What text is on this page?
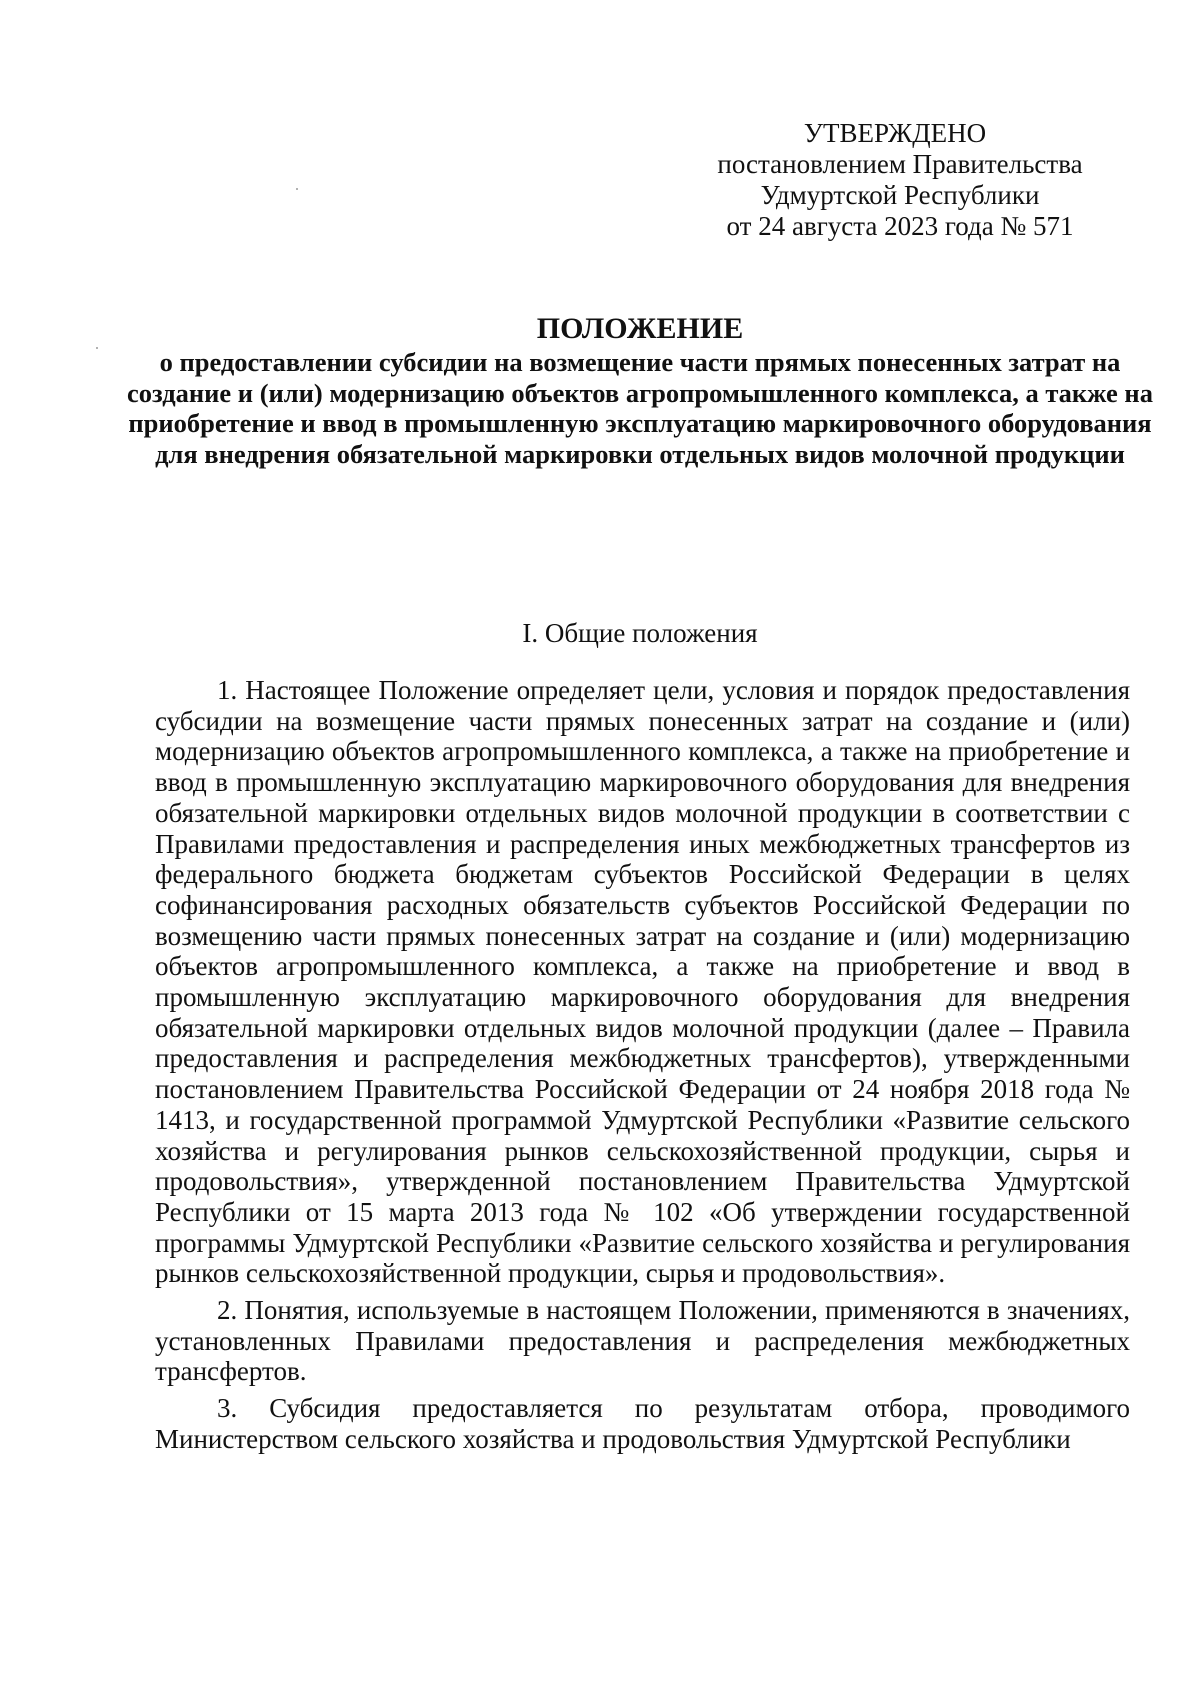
УТВЕРЖДЕНО
постановлением Правительства
Удмуртской Республики
от 24 августа 2023 года № 571
ПОЛОЖЕНИЕ
о предоставлении субсидии на возмещение части прямых понесенных затрат на создание и (или) модернизацию объектов агропромышленного комплекса, а также на приобретение и ввод в промышленную эксплуатацию маркировочного оборудования для внедрения обязательной маркировки отдельных видов молочной продукции
I. Общие положения

1. Настоящее Положение определяет цели, условия и порядок предоставления субсидии на возмещение части прямых понесенных затрат на создание и (или) модернизацию объектов агропромышленного комплекса, а также на приобретение и ввод в промышленную эксплуатацию маркировочного оборудования для внедрения обязательной маркировки отдельных видов молочной продукции в соответствии с Правилами предоставления и распределения иных межбюджетных трансфертов из федерального бюджета бюджетам субъектов Российской Федерации в целях софинансирования расходных обязательств субъектов Российской Федерации по возмещению части прямых понесенных затрат на создание и (или) модернизацию объектов агропромышленного комплекса, а также на приобретение и ввод в промышленную эксплуатацию маркировочного оборудования для внедрения обязательной маркировки отдельных видов молочной продукции (далее – Правила предоставления и распределения межбюджетных трансфертов), утвержденными постановлением Правительства Российской Федерации от 24 ноября 2018 года № 1413, и государственной программой Удмуртской Республики «Развитие сельского хозяйства и регулирования рынков сельскохозяйственной продукции, сырья и продовольствия», утвержденной постановлением Правительства Удмуртской Республики от 15 марта 2013 года № 102 «Об утверждении государственной программы Удмуртской Республики «Развитие сельского хозяйства и регулирования рынков сельскохозяйственной продукции, сырья и продовольствия».

2. Понятия, используемые в настоящем Положении, применяются в значениях, установленных Правилами предоставления и распределения межбюджетных трансфертов.

3. Субсидия предоставляется по результатам отбора, проводимого Министерством сельского хозяйства и продовольствия Удмуртской Республики
